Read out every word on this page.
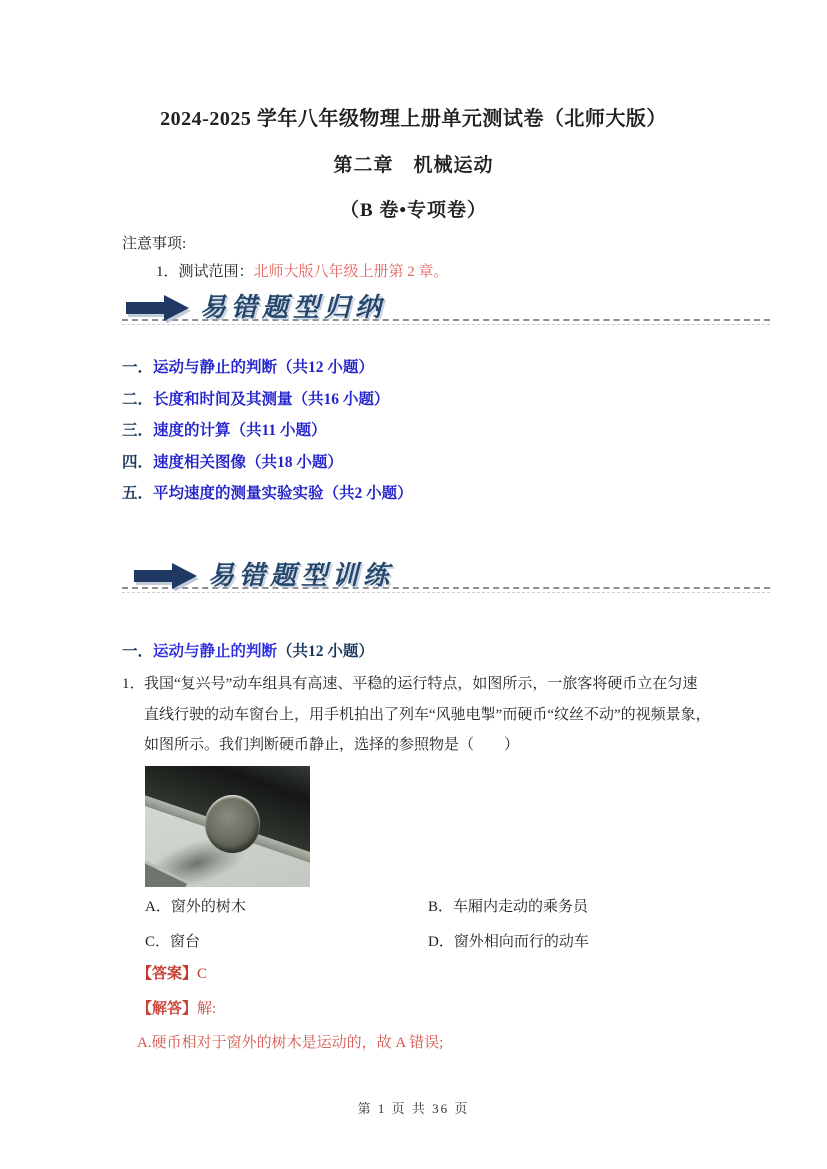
2024-2025 学年八年级物理上册单元测试卷（北师大版）
第二章　机械运动
（B 卷•专项卷）
注意事项:
1．测试范围：北师大版八年级上册第 2 章。
易错题型归纳
一．运动与静止的判断（共12 小题）
二．长度和时间及其测量（共16 小题）
三．速度的计算（共11 小题）
四．速度相关图像（共18 小题）
五．平均速度的测量实验实验（共2 小题）
易错题型训练
一．运动与静止的判断（共12 小题）
1． 我国“复兴号”动车组具有高速、平稳的运行特点，如图所示，一旅客将硬币立在匀速直线行驶的动车窗台上，用手机拍出了列车“风驰电掣”而硬币“纹丝不动”的视频景象，如图所示。我们判断硬币静止，选择的参照物是（　　）
A．窗外的树木	B．车厢内走动的乘务员
C．窗台	D．窗外相向而行的动车
【答案】C
【解答】解:
A.硬币相对于窗外的树木是运动的，故 A 错误;
第 1 页 共 36 页
